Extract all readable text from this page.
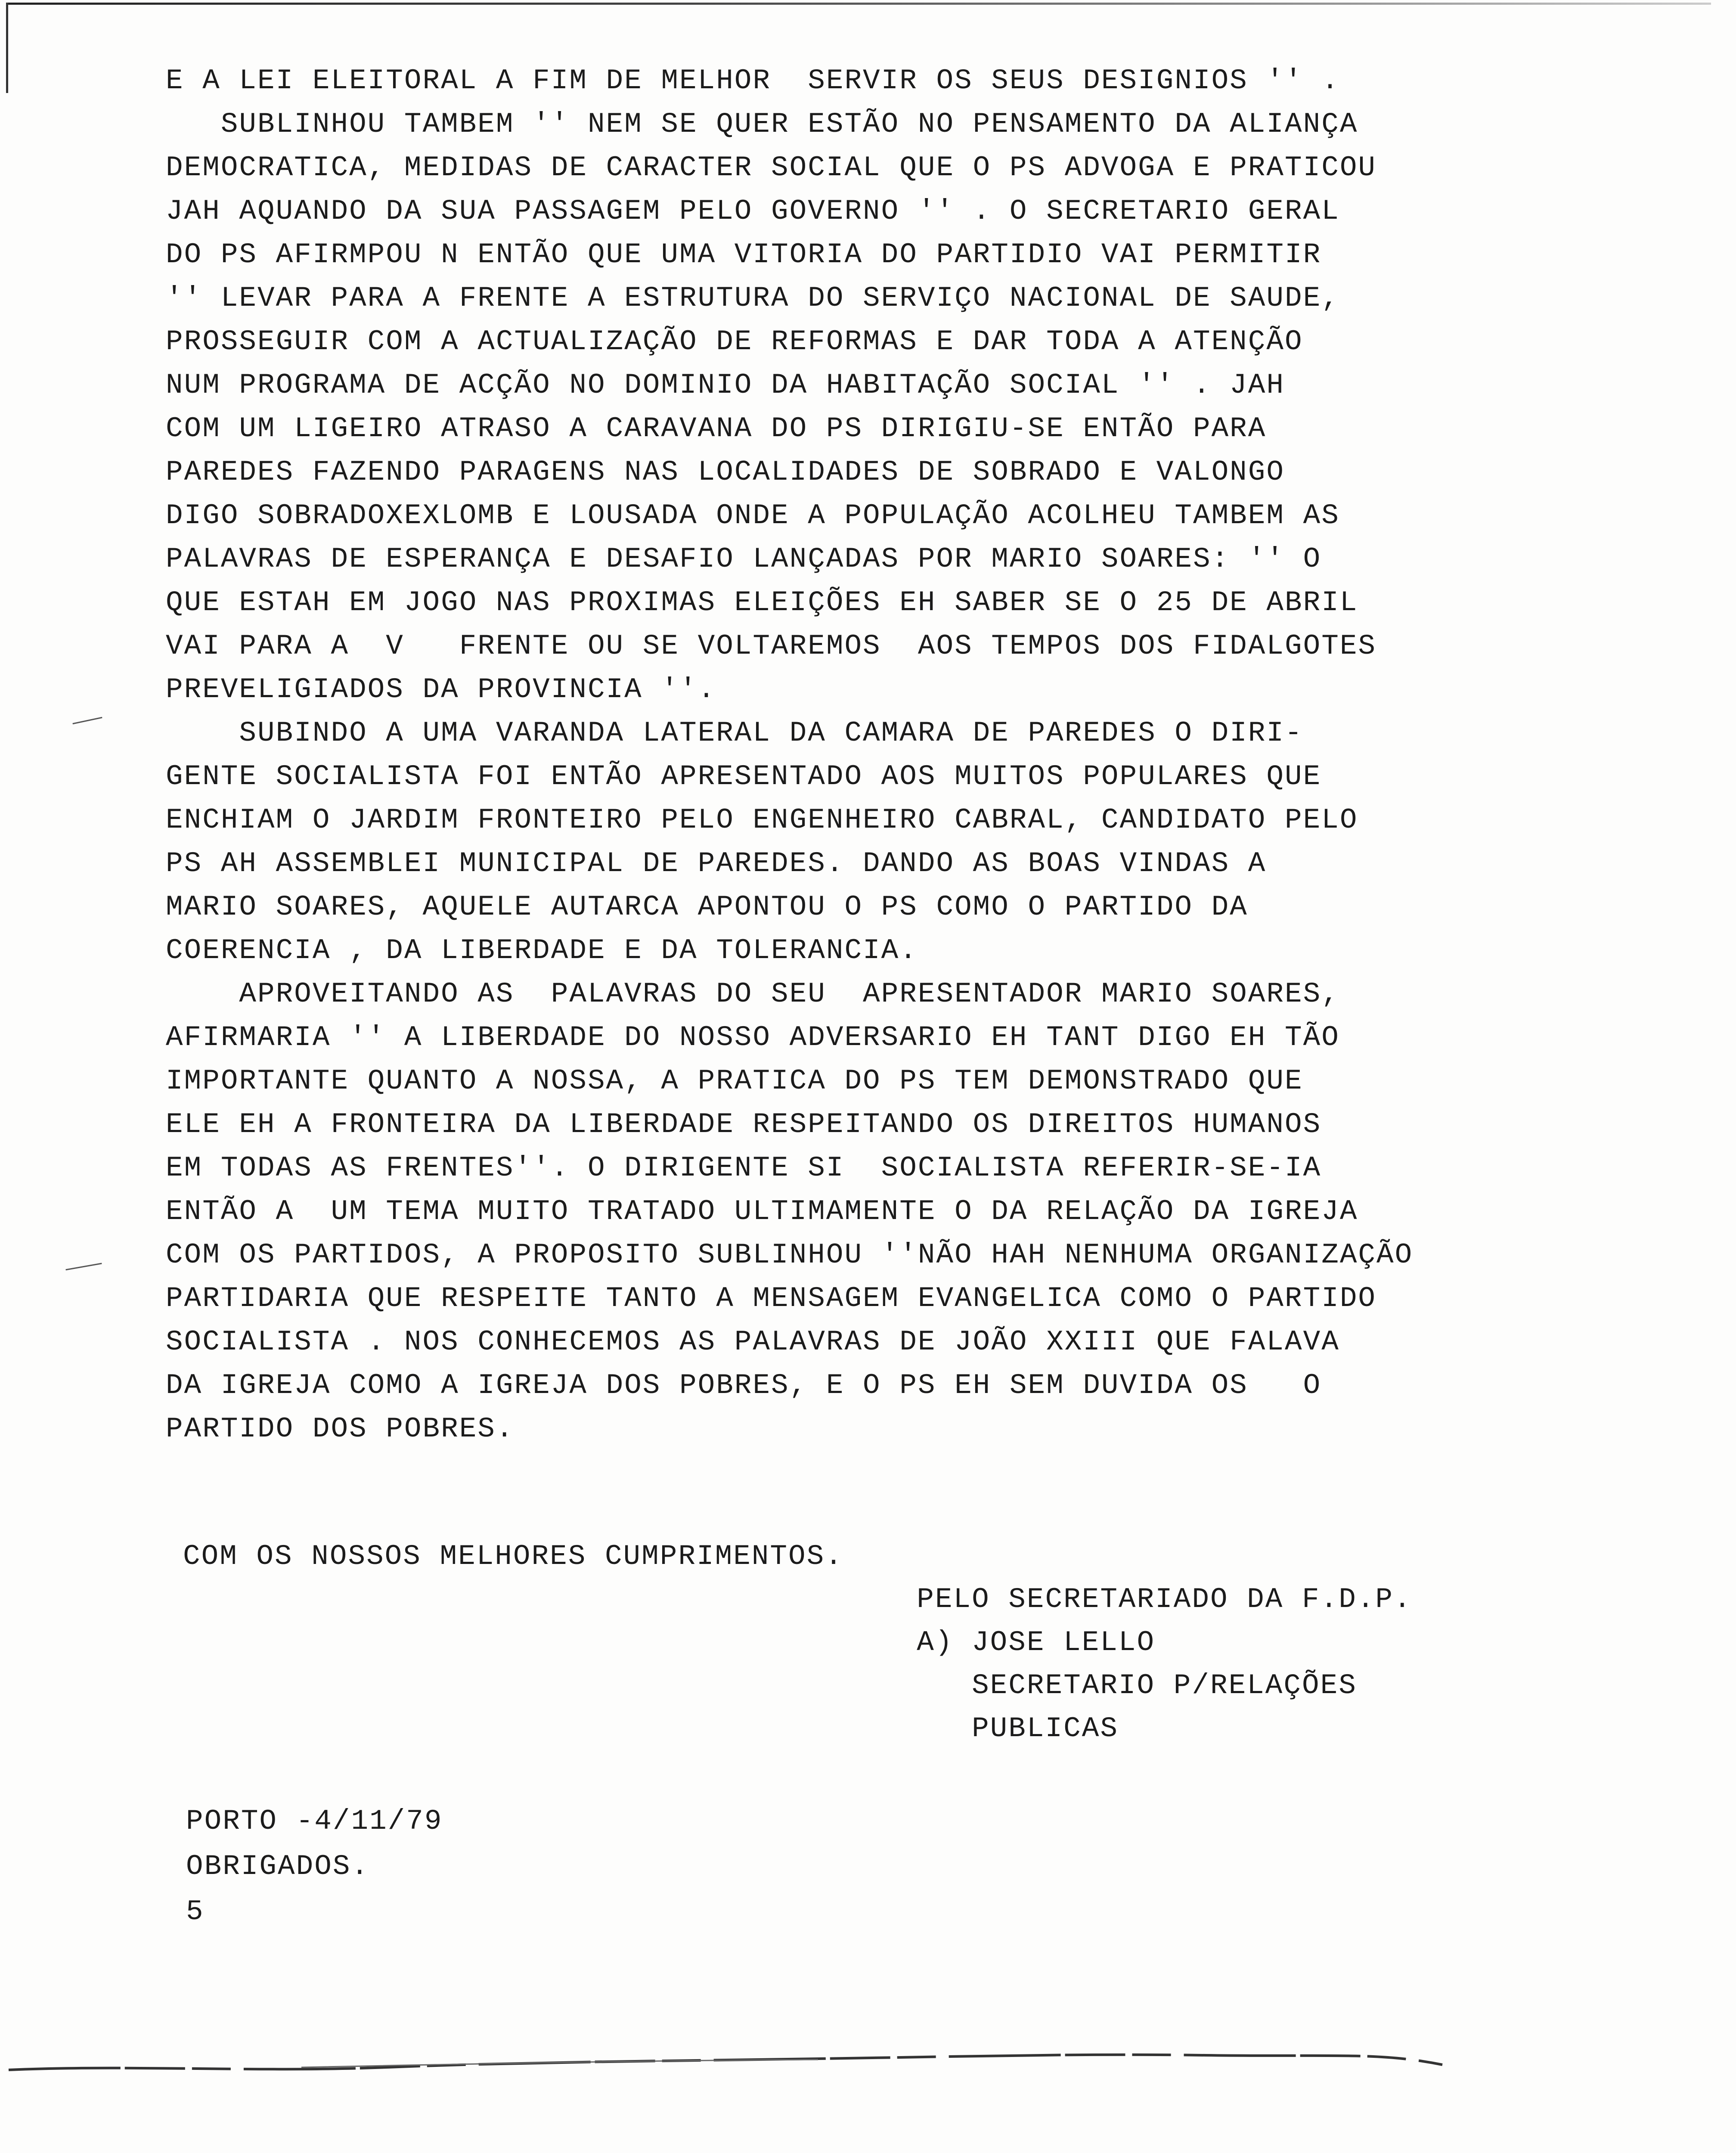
E A LEI ELEITORAL A FIM DE MELHOR  SERVIR OS SEUS DESIGNIOS '' .
SUBLINHOU TAMBEM '' NEM SE QUER ESTÃO NO PENSAMENTO DA ALIANÇA
DEMOCRATICA, MEDIDAS DE CARACTER SOCIAL QUE O PS ADVOGA E PRATICOU
JAH AQUANDO DA SUA PASSAGEM PELO GOVERNO '' . O SECRETARIO GERAL
DO PS AFIRMPOU N ENTÃO QUE UMA VITORIA DO PARTIDIO VAI PERMITIR
'' LEVAR PARA A FRENTE A ESTRUTURA DO SERVIÇO NACIONAL DE SAUDE,
PROSSEGUIR COM A ACTUALIZAÇÃO DE REFORMAS E DAR TODA A ATENÇÃO
NUM PROGRAMA DE ACÇÃO NO DOMINIO DA HABITAÇÃO SOCIAL '' . JAH
COM UM LIGEIRO ATRASO A CARAVANA DO PS DIRIGIU-SE ENTÃO PARA
PAREDES FAZENDO PARAGENS NAS LOCALIDADES DE SOBRADO E VALONGO
DIGO SOBRADOXEXLOMB E LOUSADA ONDE A POPULAÇÃO ACOLHEU TAMBEM AS
PALAVRAS DE ESPERANÇA E DESAFIO LANÇADAS POR MARIO SOARES: '' O
QUE ESTAH EM JOGO NAS PROXIMAS ELEIÇÕES EH SABER SE O 25 DE ABRIL
VAI PARA A  V   FRENTE OU SE VOLTAREMOS  AOS TEMPOS DOS FIDALGOTES
PREVELIGIADOS DA PROVINCIA ''.
SUBINDO A UMA VARANDA LATERAL DA CAMARA DE PAREDES O DIRI-
GENTE SOCIALISTA FOI ENTÃO APRESENTADO AOS MUITOS POPULARES QUE
ENCHIAM O JARDIM FRONTEIRO PELO ENGENHEIRO CABRAL, CANDIDATO PELO
PS AH ASSEMBLEI MUNICIPAL DE PAREDES. DANDO AS BOAS VINDAS A
MARIO SOARES, AQUELE AUTARCA APONTOU O PS COMO O PARTIDO DA
COERENCIA , DA LIBERDADE E DA TOLERANCIA.
APROVEITANDO AS  PALAVRAS DO SEU  APRESENTADOR MARIO SOARES,
AFIRMARIA '' A LIBERDADE DO NOSSO ADVERSARIO EH TANT DIGO EH TÃO
IMPORTANTE QUANTO A NOSSA, A PRATICA DO PS TEM DEMONSTRADO QUE
ELE EH A FRONTEIRA DA LIBERDADE RESPEITANDO OS DIREITOS HUMANOS
EM TODAS AS FRENTES''. O DIRIGENTE SI  SOCIALISTA REFERIR-SE-IA
ENTÃO A  UM TEMA MUITO TRATADO ULTIMAMENTE O DA RELAÇÃO DA IGREJA
COM OS PARTIDOS, A PROPOSITO SUBLINHOU ''NÃO HAH NENHUMA ORGANIZAÇÃO
PARTIDARIA QUE RESPEITE TANTO A MENSAGEM EVANGELICA COMO O PARTIDO
SOCIALISTA . NOS CONHECEMOS AS PALAVRAS DE JOÃO XXIII QUE FALAVA
DA IGREJA COMO A IGREJA DOS POBRES, E O PS EH SEM DUVIDA OS   O
PARTIDO DOS POBRES.
COM OS NOSSOS MELHORES CUMPRIMENTOS.
PELO SECRETARIADO DA F.D.P.
A) JOSE LELLO
SECRETARIO P/RELAÇÕES
PUBLICAS
PORTO -4/11/79
OBRIGADOS.
5
